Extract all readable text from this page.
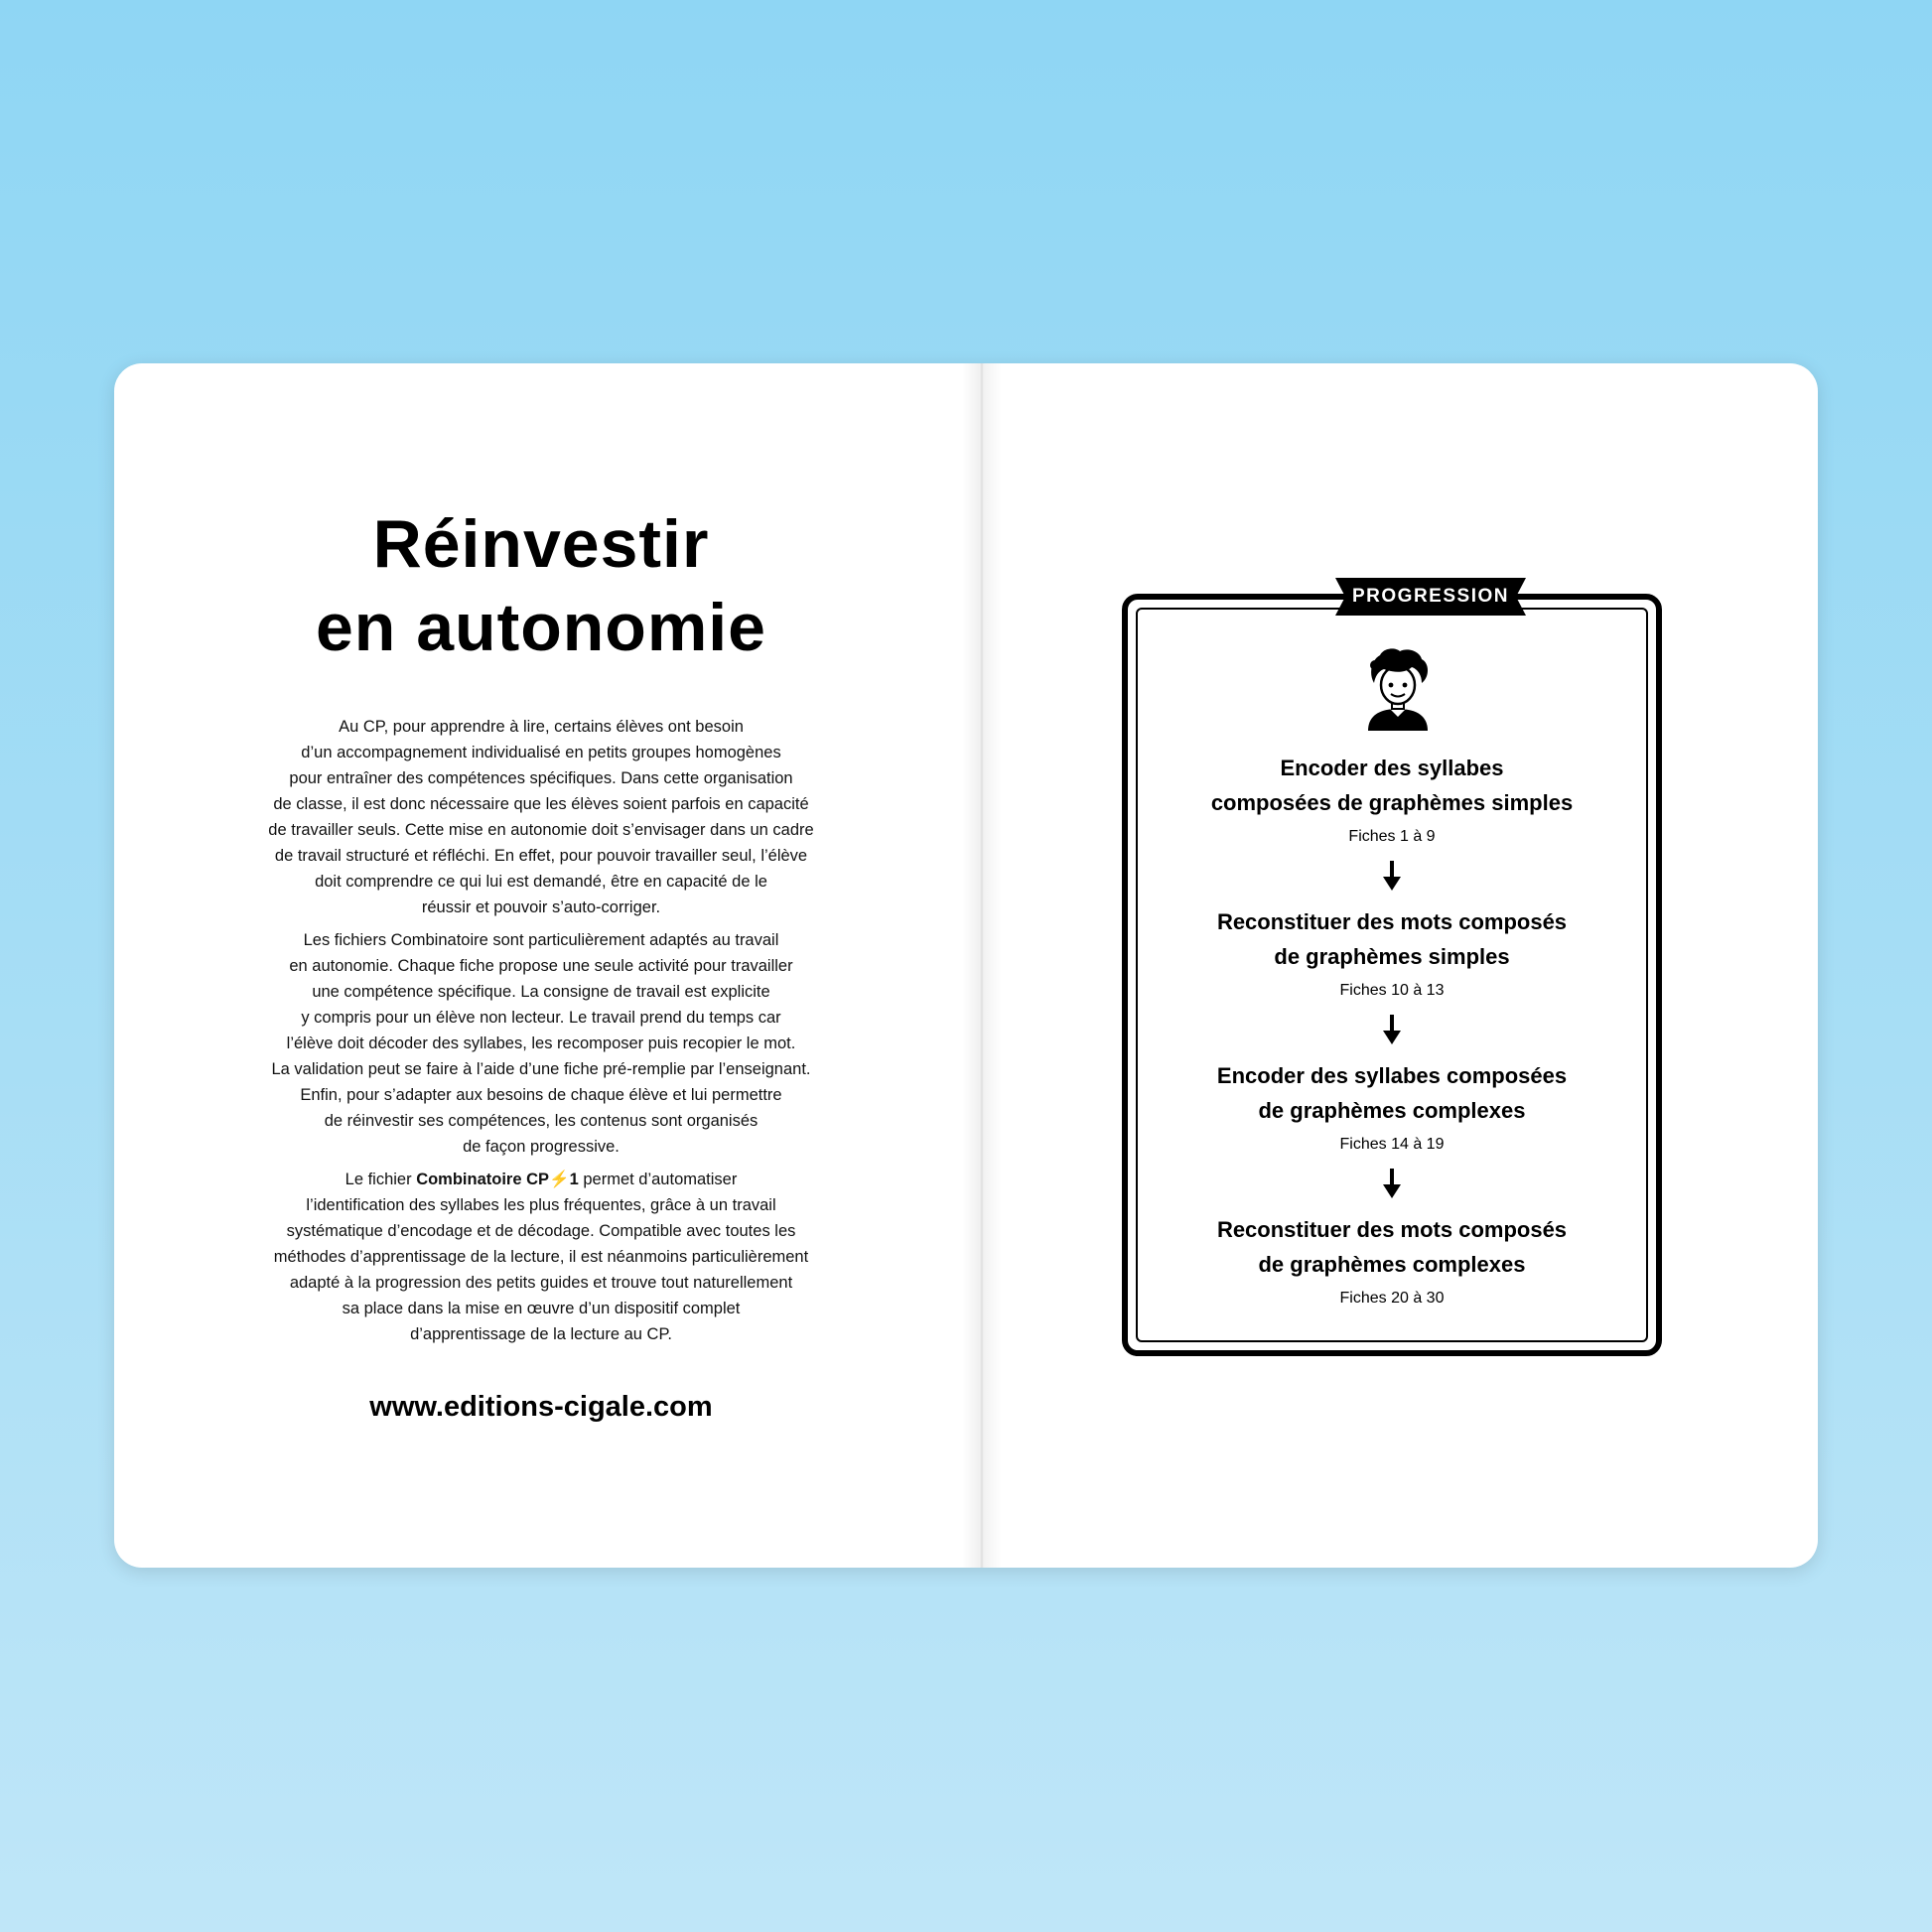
Réinvestir
en autonomie

Au CP, pour apprendre à lire, certains élèves ont besoin
d’un accompagnement individualisé en petits groupes homogènes
pour entraîner des compétences spécifiques. Dans cette organisation
de classe, il est donc nécessaire que les élèves soient parfois en capacité
de travailler seuls. Cette mise en autonomie doit s’envisager dans un cadre
de travail structuré et réfléchi. En effet, pour pouvoir travailler seul, l’élève
doit comprendre ce qui lui est demandé, être en capacité de le
réussir et pouvoir s’auto-corriger.

Les fichiers Combinatoire sont particulièrement adaptés au travail
en autonomie. Chaque fiche propose une seule activité pour travailler
une compétence spécifique. La consigne de travail est explicite
y compris pour un élève non lecteur. Le travail prend du temps car
l’élève doit décoder des syllabes, les recomposer puis recopier le mot.
La validation peut se faire à l’aide d’une fiche pré-remplie par l’enseignant.
Enfin, pour s’adapter aux besoins de chaque élève et lui permettre
de réinvestir ses compétences, les contenus sont organisés
de façon progressive.

Le fichier Combinatoire CP⚡1 permet d’automatiser
l’identification des syllabes les plus fréquentes, grâce à un travail
systématique d’encodage et de décodage. Compatible avec toutes les
méthodes d’apprentissage de la lecture, il est néanmoins particulièrement
adapté à la progression des petits guides et trouve tout naturellement
sa place dans la mise en œuvre d’un dispositif complet
d’apprentissage de la lecture au CP.

www.editions-cigale.com
PROGRESSION
Encoder des syllabes
composées de graphèmes simples
Fiches 1 à 9
Reconstituer des mots composés
de graphèmes simples
Fiches 10 à 13
Encoder des syllabes composées
de graphèmes complexes
Fiches 14 à 19
Reconstituer des mots composés
de graphèmes complexes
Fiches 20 à 30
